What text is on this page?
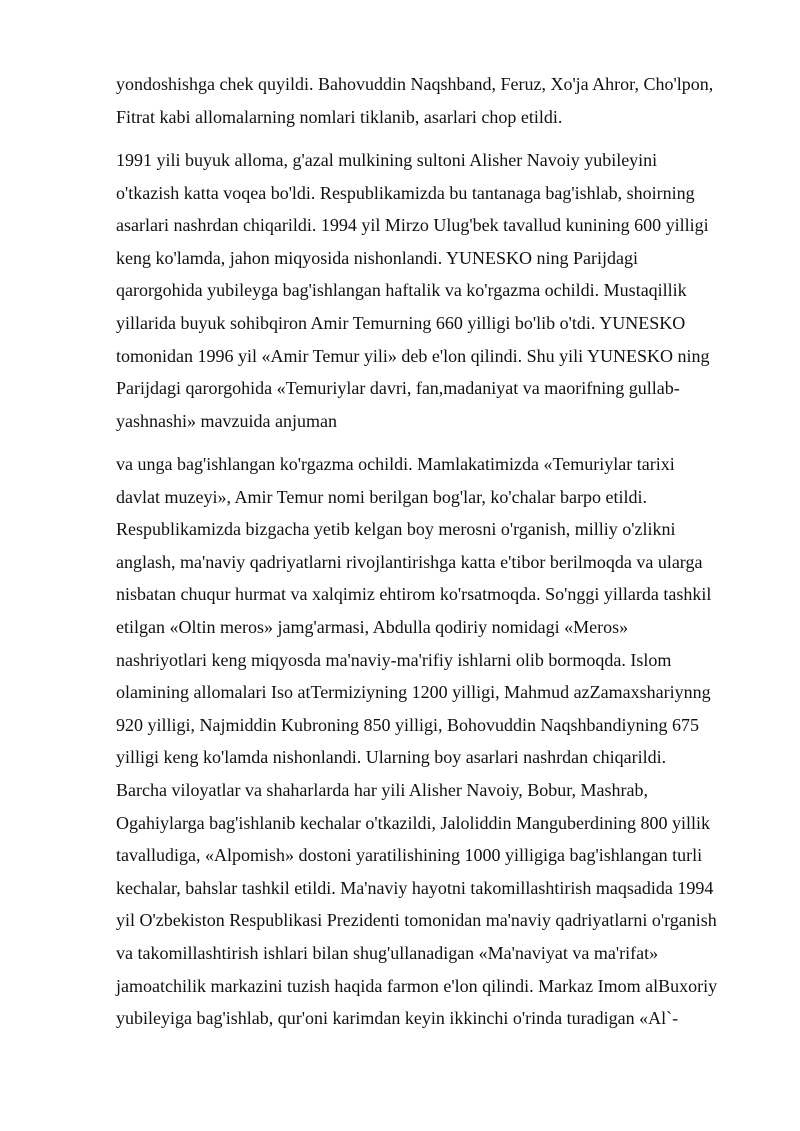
yondoshishga chek quyildi. Bahovuddin Naqshband, Feruz, Xo'ja Ahror, Cho'lpon,
Fitrat kabi allomalarning nomlari tiklanib, asarlari chop etildi.

1991 yili buyuk alloma, g'azal mulkining sultoni Alisher Navoiy yubileyini
o'tkazish katta voqea bo'ldi. Respublikamizda bu tantanaga bag'ishlab, shoirning
asarlari nashrdan chiqarildi. 1994 yil Mirzo Ulug'bek tavallud kunining 600 yilligi
keng ko'lamda, jahon miqyosida nishonlandi. YUNESKO ning Parijdagi
qarorgohida yubileyga bag'ishlangan haftalik va ko'rgazma ochildi. Mustaqillik
yillarida buyuk sohibqiron Amir Temurning 660 yilligi bo'lib o'tdi. YUNESKO
tomonidan 1996 yil «Amir Temur yili» deb e'lon qilindi. Shu yili YUNESKO ning
Parijdagi qarorgohida «Temuriylar davri, fan,madaniyat va maorifning gullab-
yashnashi» mavzuida anjuman

va unga bag'ishlangan ko'rgazma ochildi. Mamlakatimizda «Temuriylar tarixi
davlat muzeyi», Amir Temur nomi berilgan bog'lar, ko'chalar barpo etildi.
Respublikamizda bizgacha yetib kelgan boy merosni o'rganish, milliy o'zlikni
anglash, ma'naviy qadriyatlarni rivojlantirishga katta e'tibor berilmoqda va ularga
nisbatan chuqur hurmat va xalqimiz ehtirom ko'rsatmoqda. So'nggi yillarda tashkil
etilgan «Oltin meros» jamg'armasi, Abdulla qodiriy nomidagi «Meros»
nashriyotlari keng miqyosda ma'naviy-ma'rifiy ishlarni olib bormoqda. Islom
olamining allomalari Iso atTermiziyning 1200 yilligi, Mahmud azZamaxshariynng
920 yilligi, Najmiddin Kubroning 850 yilligi, Bohovuddin Naqshbandiyning 675
yilligi keng ko'lamda nishonlandi. Ularning boy asarlari nashrdan chiqarildi.
Barcha viloyatlar va shaharlarda har yili Alisher Navoiy, Bobur, Mashrab,
Ogahiylarga bag'ishlanib kechalar o'tkazildi, Jaloliddin Manguberdining 800 yillik
tavalludiga, «Alpomish» dostoni yaratilishining 1000 yilligiga bag'ishlangan turli
kechalar, bahslar tashkil etildi. Ma'naviy hayotni takomillashtirish maqsadida 1994
yil O'zbekiston Respublikasi Prezidenti tomonidan ma'naviy qadriyatlarni o'rganish
va takomillashtirish ishlari bilan shug'ullanadigan «Ma'naviyat va ma'rifat»
jamoatchilik markazini tuzish haqida farmon e'lon qilindi. Markaz Imom alBuxoriy
yubileyiga bag'ishlab, qur'oni karimdan keyin ikkinchi o'rinda turadigan «Al`-
